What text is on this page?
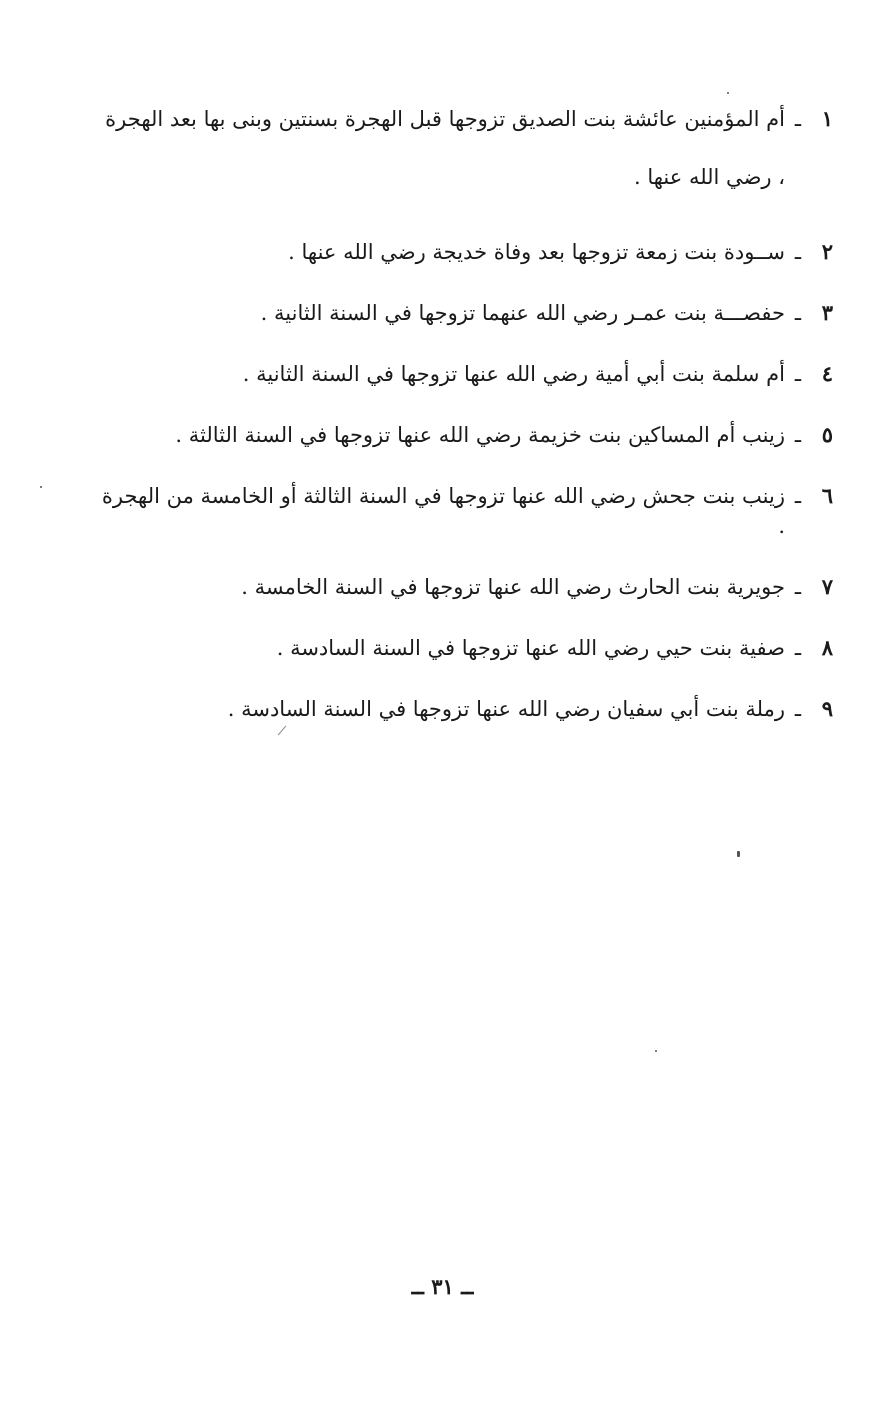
١
ـ
أم المؤمنين عائشة بنت الصديق تزوجها قبل الهجرة بسنتين وبنى بها بعد الهجرة ، رضي الله عنها .
٢
ـ
ســودة بنت زمعة تزوجها بعد وفاة خديجة رضي الله عنها .
٣
ـ
حفصـــة بنت عمـر رضي الله عنهما تزوجها في السنة الثانية .
٤
ـ
أم سلمة بنت أبي أمية رضي الله عنها تزوجها في السنة الثانية .
٥
ـ
زينب أم المساكين بنت خزيمة رضي الله عنها تزوجها في السنة الثالثة .
٦
ـ
زينب بنت جحش رضي الله عنها تزوجها في السنة الثالثة أو الخامسة من الهجرة .
٧
ـ
جويرية بنت الحارث رضي الله عنها تزوجها في السنة الخامسة .
٨
ـ
صفية بنت حيي رضي الله عنها تزوجها في السنة السادسة .
٩
ـ
رملة بنت أبي سفيان رضي الله عنها تزوجها في السنة السادسة .
ــ ٣١ ــ
